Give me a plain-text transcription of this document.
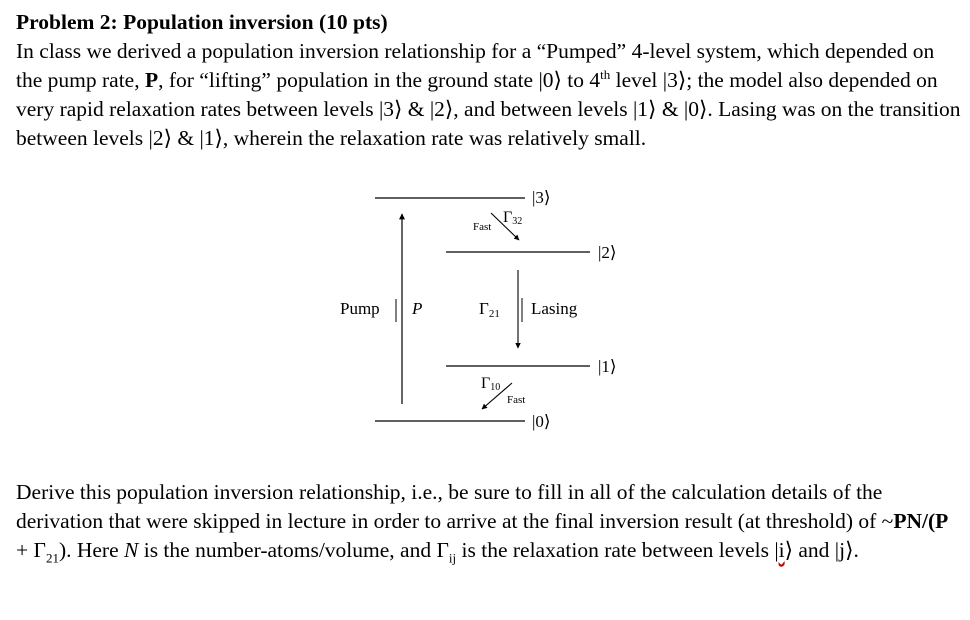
Problem 2: Population inversion (10 pts)
In class we derived a population inversion relationship for a “Pumped” 4-level system, which depended on the pump rate, P, for “lifting” population in the ground state |0⟩ to 4th level |3⟩; the model also depended on very rapid relaxation rates between levels |3⟩ & |2⟩, and between levels |1⟩ & |0⟩. Lasing was on the transition between levels |2⟩ & |1⟩, wherein the relaxation rate was relatively small.
|3⟩
|2⟩
|1⟩
|0⟩
Pump P
Fast
Γ32
Γ21 Lasing
Γ10
Fast
Derive this population inversion relationship, i.e., be sure to fill in all of the calculation details of the derivation that were skipped in lecture in order to arrive at the final inversion result (at threshold) of ~PN/(P + $\Gamma_{21}$). Here N is the number-atoms/volume, and $\Gamma_{ij}$ is the relaxation rate between levels |i⟩ and |j⟩.
